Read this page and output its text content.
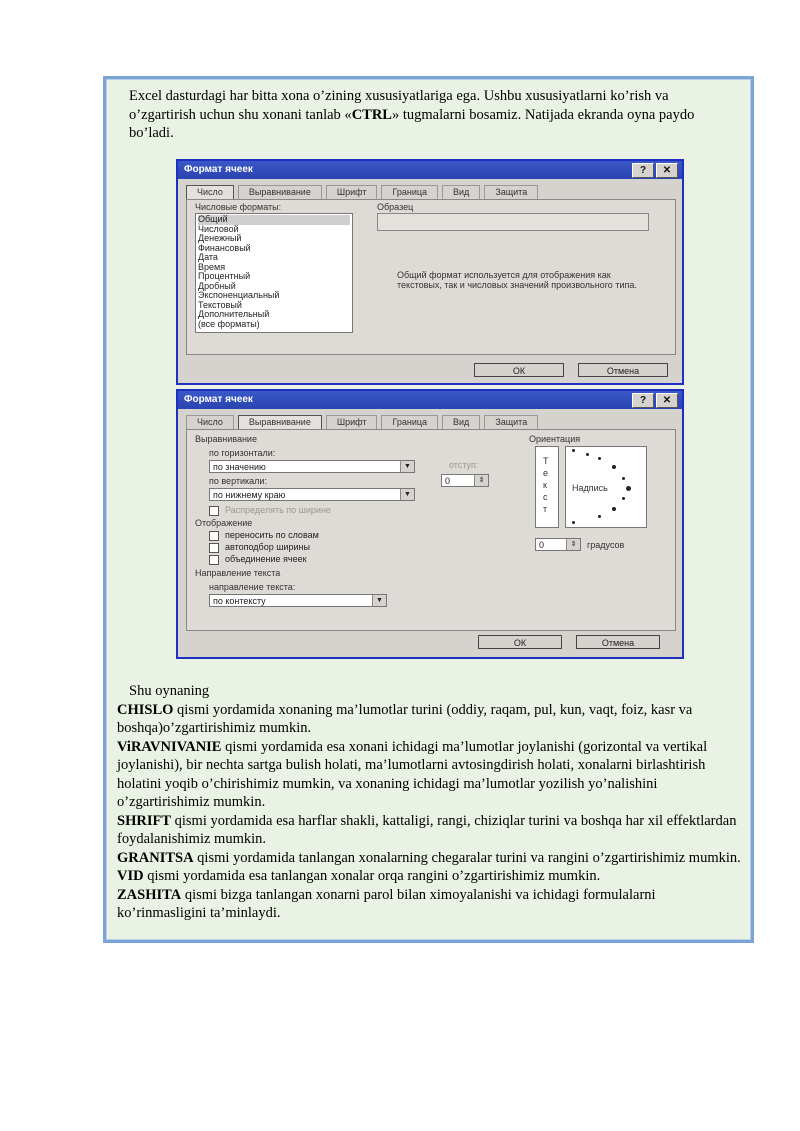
Excel dasturdagi har bitta xona o’zining xususiyatlariga ega. Ushbu xususiyatlarni ko’rish va o’zgartirish uchun shu xonani tanlab «CTRL» tugmalarni bosamiz. Natijada ekranda oyna paydo bo’ladi.

Формат ячеек	?	✕
Число	Выравнивание	Шрифт	Граница	Вид	Защита
Числовые форматы:
Общий
Числовой
Денежный
Финансовый
Дата
Время
Процентный
Дробный
Экспоненциальный
Текстовый
Дополнительный
(все форматы)
Образец
Общий формат используется для отображения как текстовых, так и числовых значений произвольного типа.
ОК	Отмена
Формат ячеек	?	✕
Число	Выравнивание	Шрифт	Граница	Вид	Защита
Выравнивание
по горизонтали:
по значению	▼
по вертикали:
по нижнему краю	▼
отступ:
0	⇕
Распределять по ширине
Отображение
переносить по словам
автоподбор ширины
объединение ячеек
Направление текста
направление текста:
по контексту	▼
Ориентация
Текст
Надпись
0	⇕	градусов
ОК	Отмена

Shu oynaning

CHISLO qismi yordamida xonaning ma’lumotlar turini (oddiy, raqam, pul, kun, vaqt, foiz, kasr va boshqa)o’zgartirishimiz mumkin.

ViRAVNIVANIE qismi yordamida esa xonani ichidagi ma’lumotlar joylanishi (gorizontal va vertikal joylanishi), bir nechta sartga bulish holati, ma’lumotlarni avtosingdirish holati, xonalarni birlashtirish holatini yoqib o’chirishimiz mumkin, va xonaning ichidagi ma’lumotlar yozilish yo’nalishini o’zgartirishimiz mumkin.

SHRIFT qismi yordamida esa harflar shakli, kattaligi, rangi, chiziqlar turini va boshqa har xil effektlardan foydalanishimiz mumkin.

GRANITSA qismi yordamida tanlangan xonalarning chegaralar turini va rangini o’zgartirishimiz mumkin.

VID qismi yordamida esa tanlangan xonalar orqa rangini o’zgartirishimiz mumkin.

ZASHITA qismi bizga tanlangan xonarni parol bilan ximoyalanishi va ichidagi formulalarni ko’rinmasligini ta’minlaydi.
